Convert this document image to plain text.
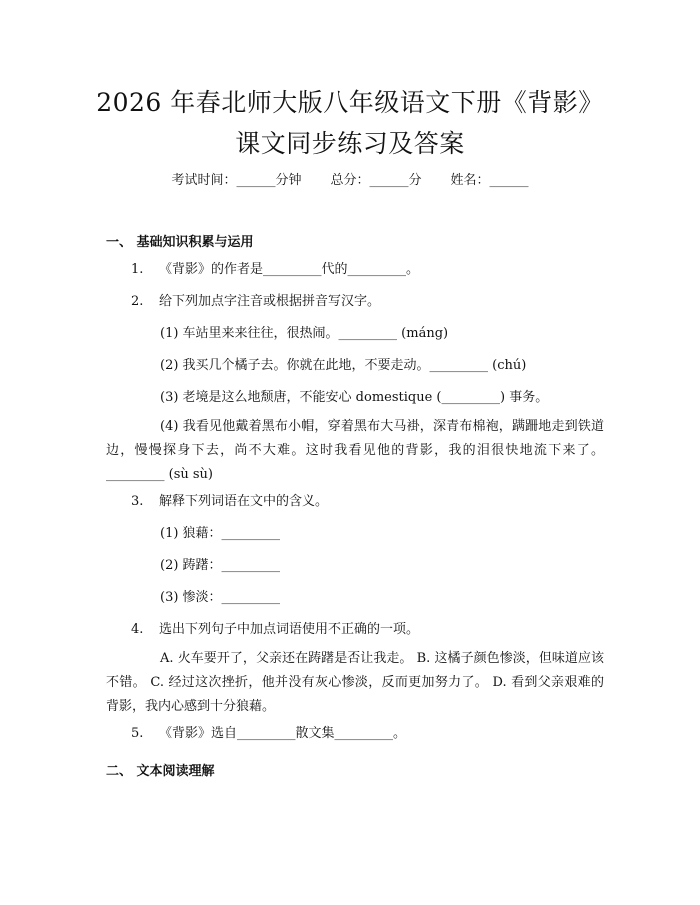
2026 年春北师大版八年级语文下册《背影》
课文同步练习及答案
考试时间：______分钟 总分：______分 姓名：______
一、 基础知识积累与运用
1. 《背影》的作者是_________代的_________。
2. 给下列加点字注音或根据拼音写汉字。
(1) 车站里来来往往，很热闹。_________ (máng)
(2) 我买几个橘子去。你就在此地，不要走动。_________ (chú)
(3) 老境是这么地颓唐，不能安心 domestique (_________) 事务。
(4) 我看见他戴着黑布小帽，穿着黑布大马褂，深青布棉袍，蹒跚地走到铁道边，慢慢探身下去，尚不大难。这时我看见他的背影，我的泪很快地流下来了。_________ (sù sù)
3. 解释下列词语在文中的含义。
(1) 狼藉：_________
(2) 踌躇：_________
(3) 惨淡：_________
4. 选出下列句子中加点词语使用不正确的一项。
A. 火车要开了，父亲还在踌躇是否让我走。 B. 这橘子颜色惨淡，但味道应该不错。 C. 经过这次挫折，他并没有灰心惨淡，反而更加努力了。 D. 看到父亲艰难的背影，我内心感到十分狼藉。
5. 《背影》选自_________散文集_________。
二、 文本阅读理解
